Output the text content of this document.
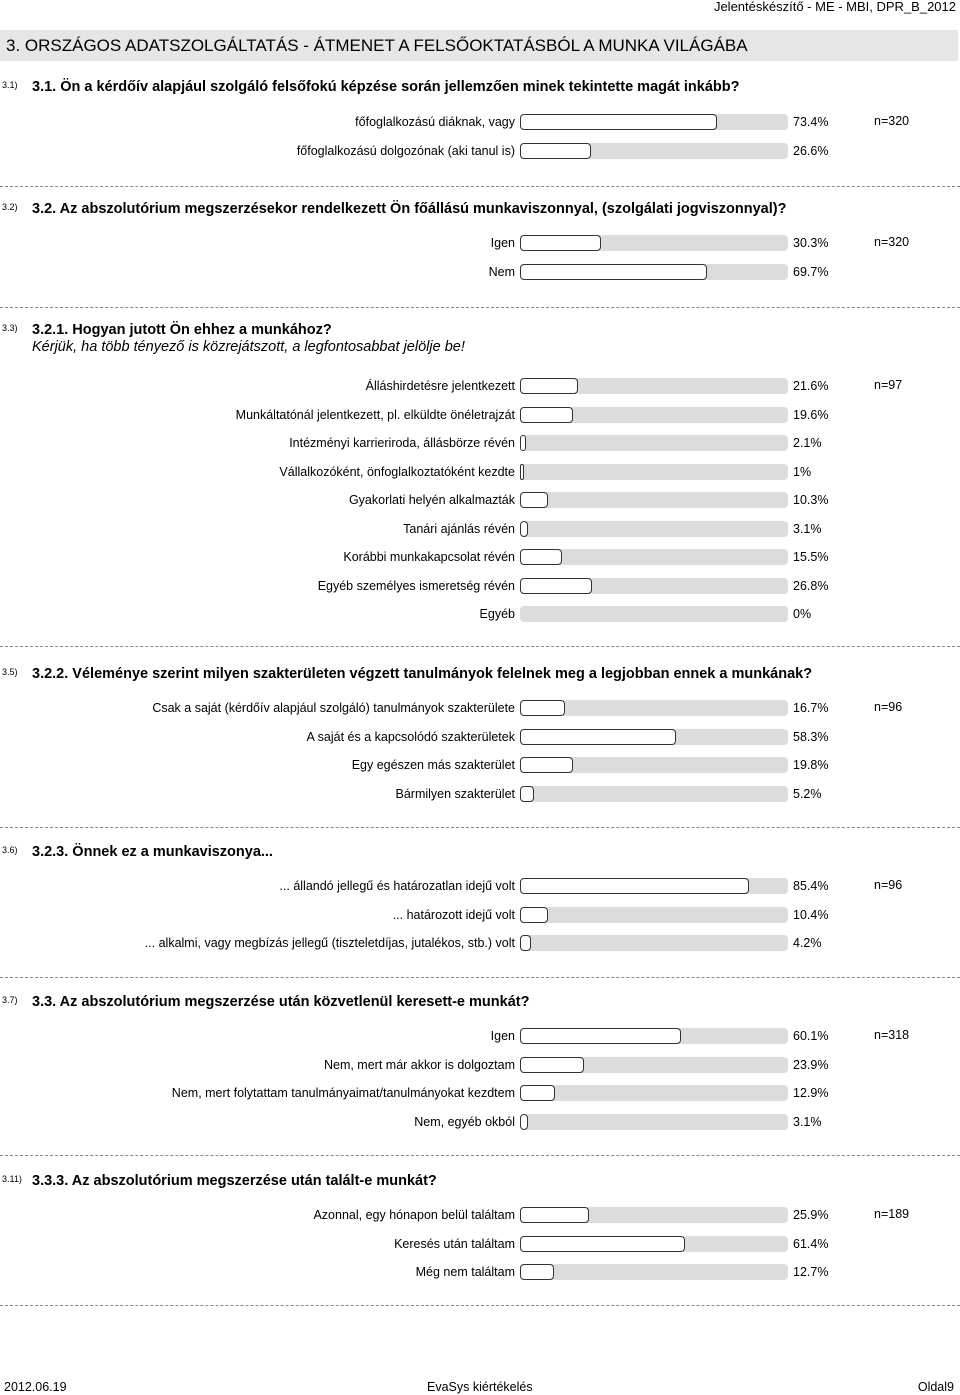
Jelentéskészítő - ME - MBI, DPR_B_2012
3. ORSZÁGOS ADATSZOLGÁLTATÁS - ÁTMENET A FELSŐOKTATÁSBÓL A MUNKA VILÁGÁBA
3.1) 3.1. Ön a kérdőív alapjául szolgáló felsőfokú képzése során jellemzően minek tekintette magát inkább?
n=320
főfoglalkozású diáknak, vagy	73.4%
főfoglalkozású dolgozónak (aki tanul is)	26.6%
3.2) 3.2. Az abszolutórium megszerzésekor rendelkezett Ön főállású munkaviszonnyal, (szolgálati jogviszonnyal)?
n=320
Igen	30.3%
Nem	69.7%
3.3) 3.2.1. Hogyan jutott Ön ehhez a munkához?
Kérjük, ha több tényező is közrejátszott, a legfontosabbat jelölje be!
n=97
Álláshirdetésre jelentkezett	21.6%
Munkáltatónál jelentkezett, pl. elküldte önéletrajzát	19.6%
Intézményi karrieriroda, állásbörze révén	2.1%
Vállalkozóként, önfoglalkoztatóként kezdte	1%
Gyakorlati helyén alkalmazták	10.3%
Tanári ajánlás révén	3.1%
Korábbi munkakapcsolat révén	15.5%
Egyéb személyes ismeretség révén	26.8%
Egyéb	0%
3.5) 3.2.2. Véleménye szerint milyen szakterületen végzett tanulmányok felelnek meg a legjobban ennek a munkának?
n=96
Csak a saját (kérdőív alapjául szolgáló) tanulmányok szakterülete	16.7%
A saját és a kapcsolódó szakterületek	58.3%
Egy egészen más szakterület	19.8%
Bármilyen szakterület	5.2%
3.6) 3.2.3. Önnek ez a munkaviszonya...
n=96
... állandó jellegű és határozatlan idejű volt	85.4%
... határozott idejű volt	10.4%
... alkalmi, vagy megbízás jellegű (tiszteletdíjas, jutalékos, stb.) volt	4.2%
3.7) 3.3. Az abszolutórium megszerzése után közvetlenül keresett-e munkát?
n=318
Igen	60.1%
Nem, mert már akkor is dolgoztam	23.9%
Nem, mert folytattam tanulmányaimat/tanulmányokat kezdtem	12.9%
Nem, egyéb okból	3.1%
3.11) 3.3.3. Az abszolutórium megszerzése után talált-e munkát?
n=189
Azonnal, egy hónapon belül találtam	25.9%
Keresés után találtam	61.4%
Még nem találtam	12.7%
2012.06.19	EvaSys kiértékelés	Oldal9
